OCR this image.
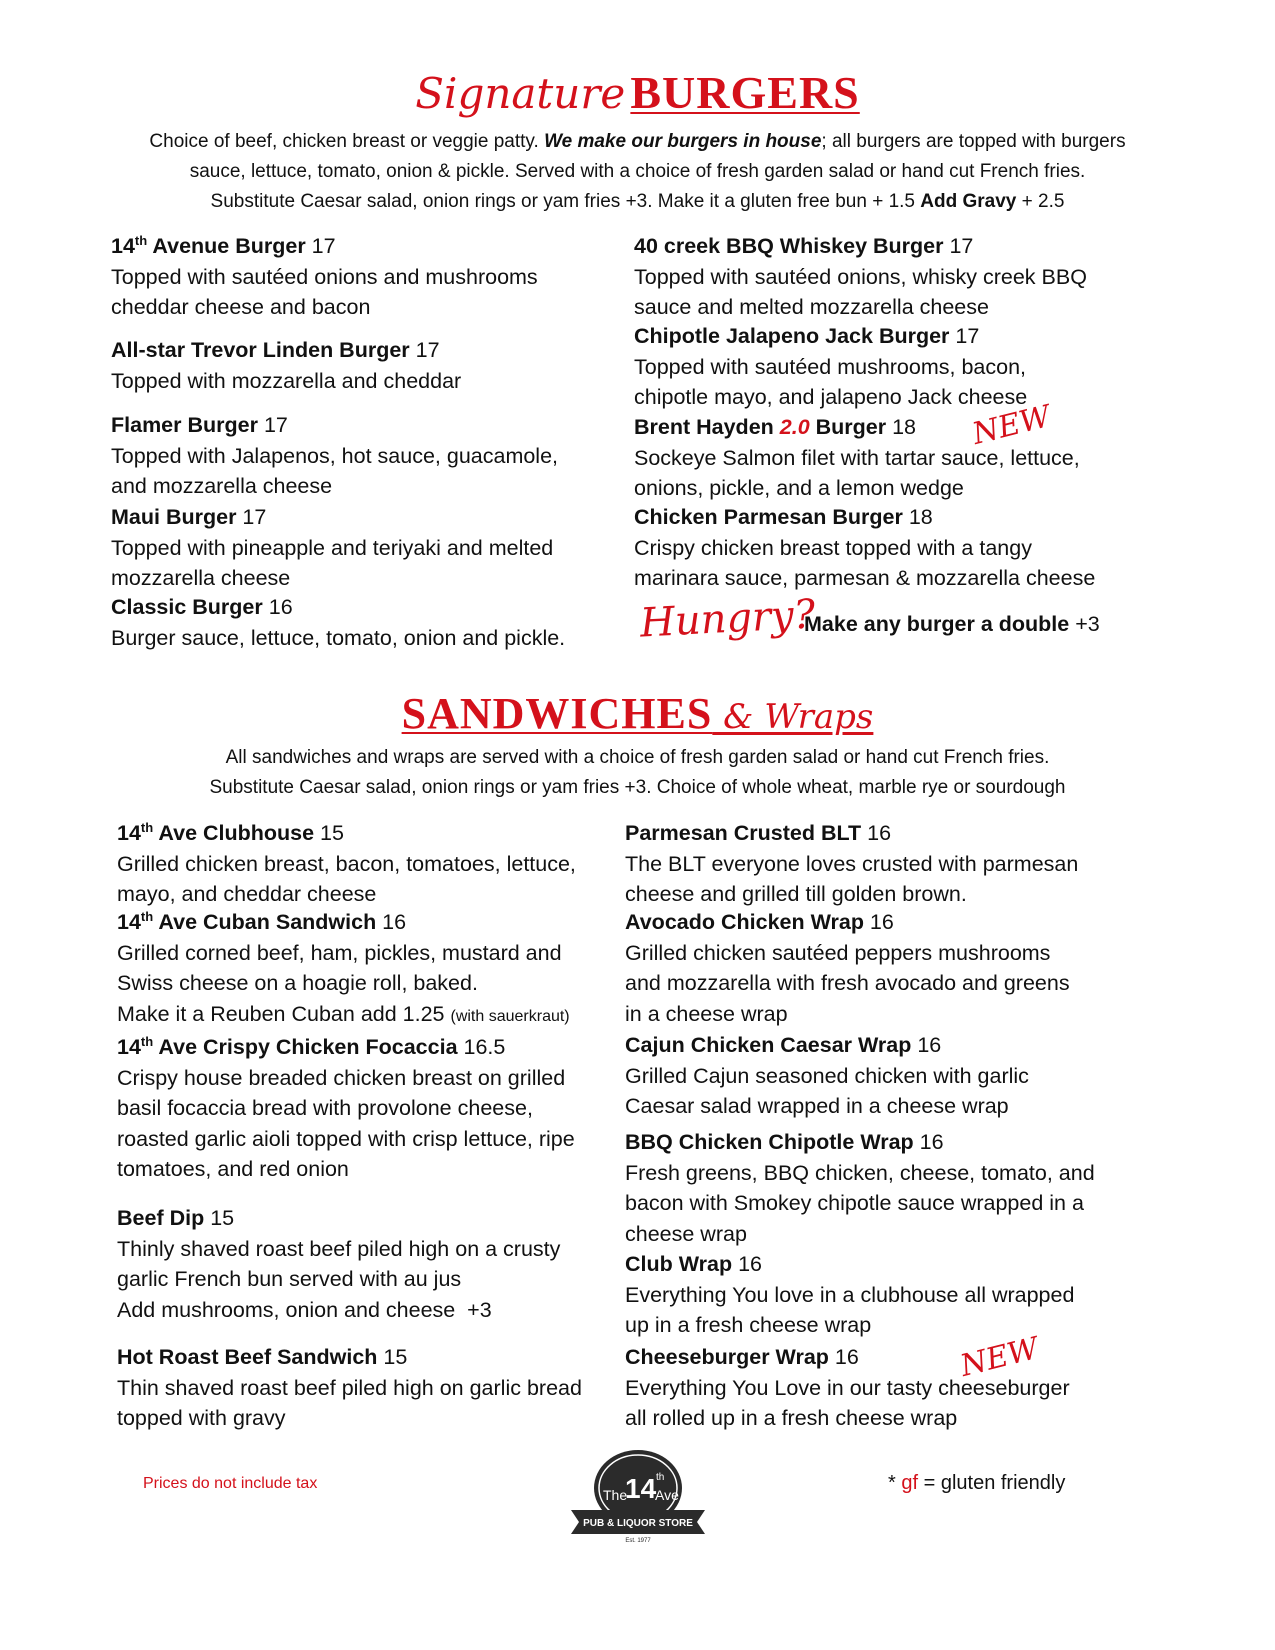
Signature BURGERS

Choice of beef, chicken breast or veggie patty. We make our burgers in house; all burgers are topped with burgers

sauce, lettuce, tomato, onion & pickle. Served with a choice of fresh garden salad or hand cut French fries.

Substitute Caesar salad, onion rings or yam fries +3. Make it a gluten free bun + 1.5 Add Gravy + 2.5

14th Avenue Burger 17
Topped with sautéed onions and mushrooms
cheddar cheese and bacon
All-star Trevor Linden Burger 17
Topped with mozzarella and cheddar
Flamer Burger 17
Topped with Jalapenos, hot sauce, guacamole,
and mozzarella cheese
Maui Burger 17
Topped with pineapple and teriyaki and melted
mozzarella cheese
Classic Burger 16
Burger sauce, lettuce, tomato, onion and pickle.
40 creek BBQ Whiskey Burger 17
Topped with sautéed onions, whisky creek BBQ
sauce and melted mozzarella cheese
Chipotle Jalapeno Jack Burger 17
Topped with sautéed mushrooms, bacon,
chipotle mayo, and jalapeno Jack cheese
Brent Hayden 2.0 Burger 18
Sockeye Salmon filet with tartar sauce, lettuce,
onions, pickle, and a lemon wedge
NEW
Chicken Parmesan Burger 18
Crispy chicken breast topped with a tangy
marinara sauce, parmesan & mozzarella cheese
Hungry?
Make any burger a double +3
SANDWICHES & Wraps

All sandwiches and wraps are served with a choice of fresh garden salad or hand cut French fries.

Substitute Caesar salad, onion rings or yam fries +3. Choice of whole wheat, marble rye or sourdough

14th Ave Clubhouse 15
Grilled chicken breast, bacon, tomatoes, lettuce,
mayo, and cheddar cheese
14th Ave Cuban Sandwich 16
Grilled corned beef, ham, pickles, mustard and
Swiss cheese on a hoagie roll, baked.
Make it a Reuben Cuban add 1.25 (with sauerkraut)
14th Ave Crispy Chicken Focaccia 16.5
Crispy house breaded chicken breast on grilled
basil focaccia bread with provolone cheese,
roasted garlic aioli topped with crisp lettuce, ripe
tomatoes, and red onion
Beef Dip 15
Thinly shaved roast beef piled high on a crusty
garlic French bun served with au jus
Add mushrooms, onion and cheese  +3
Hot Roast Beef Sandwich 15
Thin shaved roast beef piled high on garlic bread
topped with gravy
Parmesan Crusted BLT 16
The BLT everyone loves crusted with parmesan
cheese and grilled till golden brown.
Avocado Chicken Wrap 16
Grilled chicken sautéed peppers mushrooms
and mozzarella with fresh avocado and greens
in a cheese wrap
Cajun Chicken Caesar Wrap 16
Grilled Cajun seasoned chicken with garlic
Caesar salad wrapped in a cheese wrap
BBQ Chicken Chipotle Wrap 16
Fresh greens, BBQ chicken, cheese, tomato, and
bacon with Smokey chipotle sauce wrapped in a
cheese wrap
Club Wrap 16
Everything You love in a clubhouse all wrapped
up in a fresh cheese wrap
Cheeseburger Wrap 16
Everything You Love in our tasty cheeseburger
all rolled up in a fresh cheese wrap
NEW
Prices do not include tax	* gf = gluten friendly
The
14 th
Ave
PUB & LIQUOR STORE
Est. 1977
